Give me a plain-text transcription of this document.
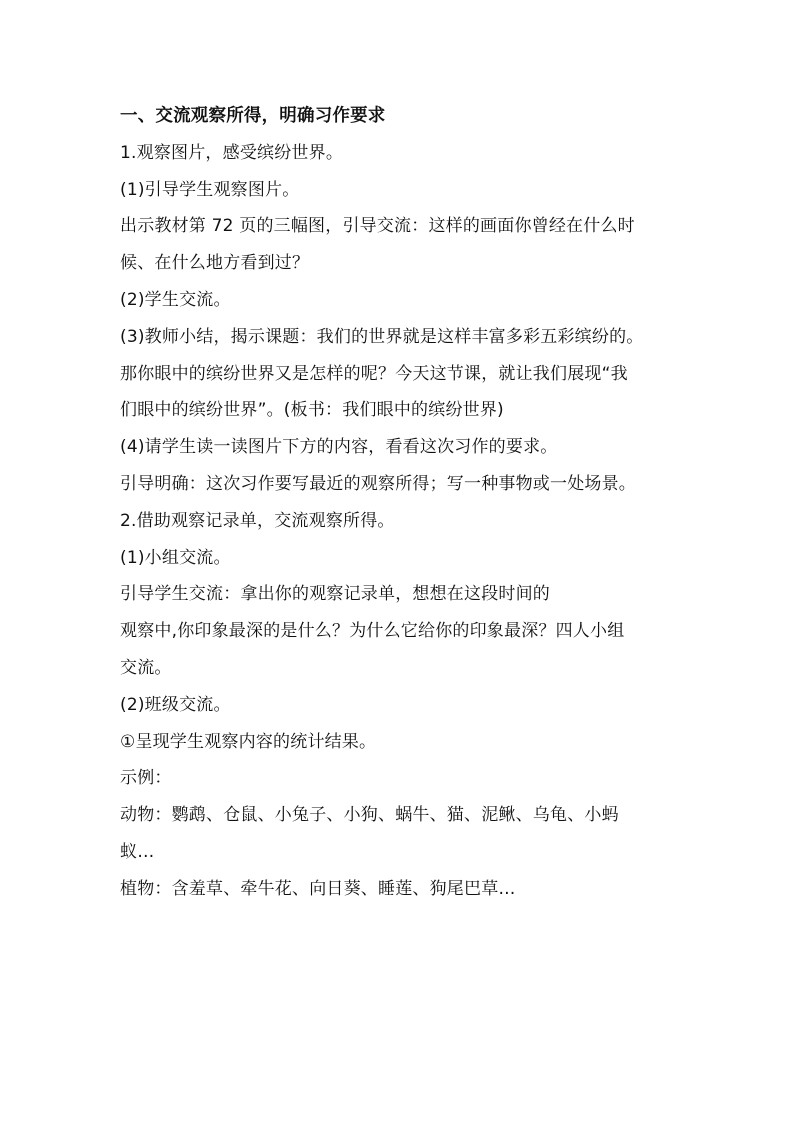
一、交流观察所得，明确习作要求
1.观察图片，感受缤纷世界。
(1)引导学生观察图片。
出示教材第 72 页的三幅图，引导交流：这样的画面你曾经在什么时
候、在什么地方看到过？
(2)学生交流。
(3)教师小结，揭示课题：我们的世界就是这样丰富多彩五彩缤纷的。
那你眼中的缤纷世界又是怎样的呢？今天这节课，就让我们展现“我
们眼中的缤纷世界”。(板书：我们眼中的缤纷世界)
(4)请学生读一读图片下方的内容，看看这次习作的要求。
引导明确：这次习作要写最近的观察所得；写一种事物或一处场景。
2.借助观察记录单，交流观察所得。
(1)小组交流。
引导学生交流：拿出你的观察记录单，想想在这段时间的
观察中,你印象最深的是什么？为什么它给你的印象最深？四人小组
交流。
(2)班级交流。
①呈现学生观察内容的统计结果。
示例：
动物：鹦鹉、仓鼠、小兔子、小狗、蜗牛、猫、泥鳅、乌龟、小蚂
蚁…
植物：含羞草、牵牛花、向日葵、睡莲、狗尾巴草…
